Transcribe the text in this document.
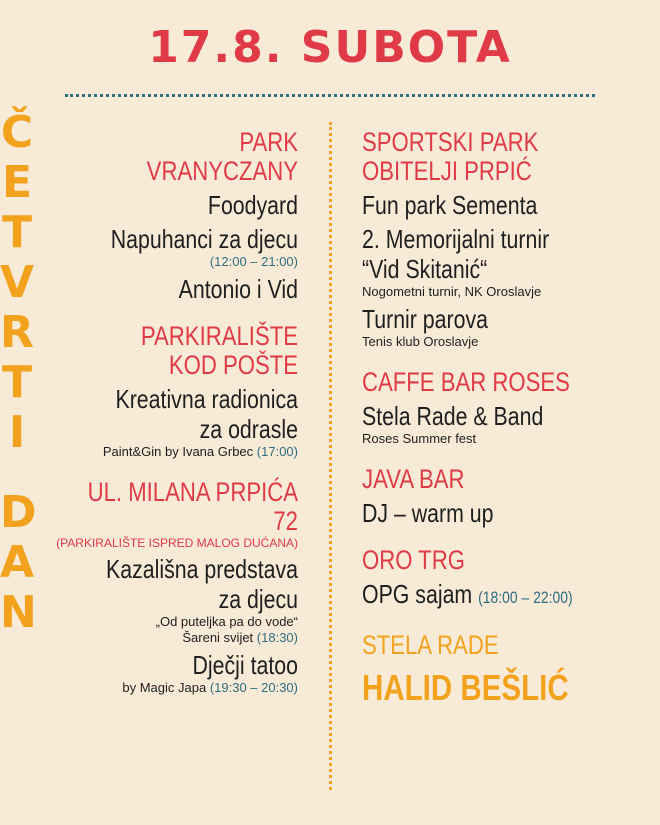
17.8. SUBOTA
Č
E
T
V
R
T
I
D
A
N
PARK VRANYCZANY
Foodyard
Napuhanci za djecu
(12:00 – 21:00)
Antonio i Vid
PARKIRALIŠTE
KOD POŠTE
Kreativna radionica
za odrasle
Paint&Gin by Ivana Grbec (17:00)
UL. MILANA PRPIĆA 72
(PARKIRALIŠTE ISPRED MALOG DUĆANA)
Kazališna predstava
za djecu
„Od puteljka pa do vode“
Šareni svijet (18:30)
Dječji tatoo
by Magic Japa (19:30 – 20:30)
SPORTSKI PARK
OBITELJI PRPIĆ
Fun park Sementa
2. Memorijalni turnir
“Vid Skitanić“
Nogometni turnir, NK Oroslavje
Turnir parova
Tenis klub Oroslavje
CAFFE BAR ROSES
Stela Rade & Band
Roses Summer fest
JAVA BAR
DJ – warm up
ORO TRG
OPG sajam (18:00 – 22:00)
STELA RADE
HALID BEŠLIĆ
